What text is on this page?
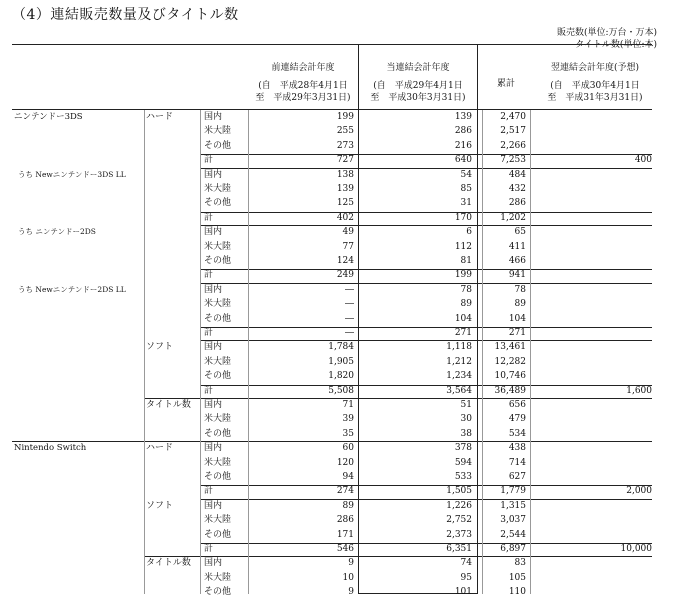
（4）連結販売数量及びタイトル数
販売数(単位:万台・万本)
タイトル数(単位:本)
前連結会計年度
(自　平成28年4月1日
至　平成29年3月31日)
当連結会計年度
(自　平成29年4月1日
至　平成30年3月31日)
累計
翌連結会計年度(予想)
(自　平成30年4月1日
至　平成31年3月31日)
ニンテンドー3DS	ハード	国内	199	139	2,470
米大陸	255	286	2,517
その他	273	216	2,266
計	727	640	7,253	400
うち Newニンテンドー3DS LL	国内	138	54	484
米大陸	139	85	432
その他	125	31	286
計	402	170	1,202
うち ニンテンドー2DS	国内	49	6	65
米大陸	77	112	411
その他	124	81	466
計	249	199	941
うち Newニンテンドー2DS LL	国内	―	78	78
米大陸	―	89	89
その他	―	104	104
計	―	271	271
ソフト	国内	1,784	1,118	13,461
米大陸	1,905	1,212	12,282
その他	1,820	1,234	10,746
計	5,508	3,564	36,489	1,600
タイトル数 国内	71	51	656
米大陸	39	30	479
その他	35	38	534
Nintendo Switch	ハード	国内	60	378	438
米大陸	120	594	714
その他	94	533	627
計	274	1,505	1,779	2,000
ソフト	国内	89	1,226	1,315
米大陸	286	2,752	3,037
その他	171	2,373	2,544
計	546	6,351	6,897	10,000
タイトル数 国内	9	74	83
米大陸	10	95	105
その他	9	101	110
